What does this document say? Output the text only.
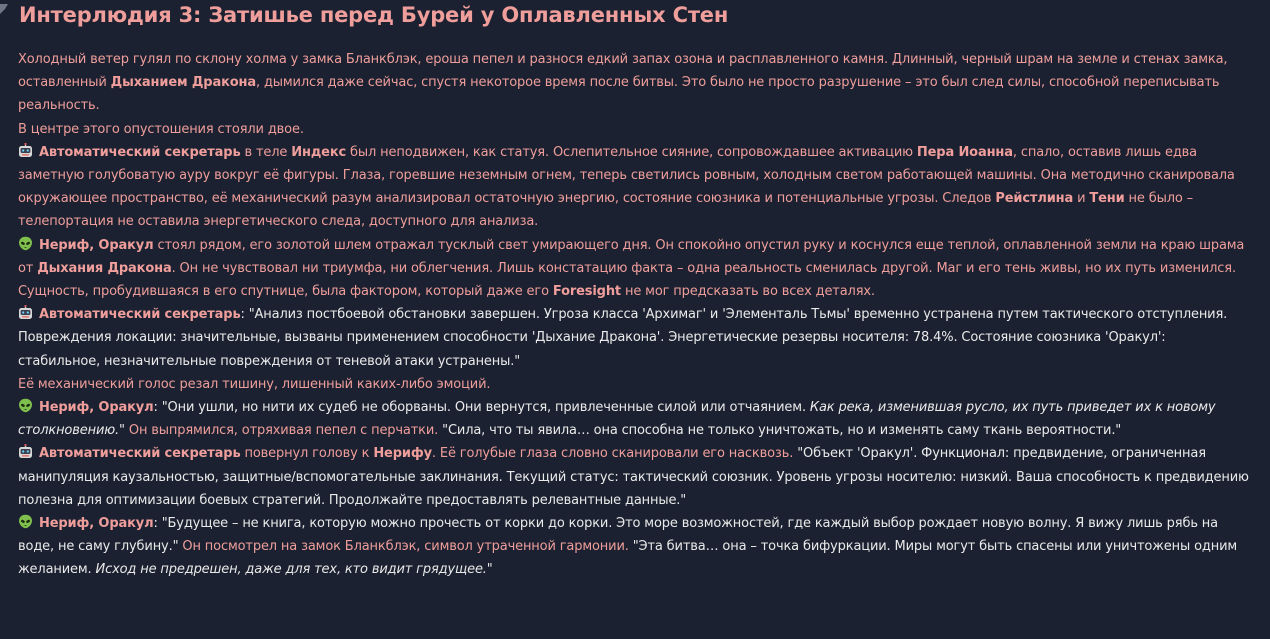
Интерлюдия 3: Затишье перед Бурей у Оплавленных Стен

Холодный ветер гулял по склону холма у замка Бланкблэк, ероша пепел и разнося едкий запах озона и расплавленного камня. Длинный, черный шрам на земле и стенах замка, оставленный Дыханием Дракона, дымился даже сейчас, спустя некоторое время после битвы. Это было не просто разрушение – это был след силы, способной переписывать реальность.

В центре этого опустошения стояли двое.

Автоматический секретарь в теле Индекс был неподвижен, как статуя. Ослепительное сияние, сопровождавшее активацию Пера Иоанна, спало, оставив лишь едва заметную голубоватую ауру вокруг её фигуры. Глаза, горевшие неземным огнем, теперь светились ровным, холодным светом работающей машины. Она методично сканировала окружающее пространство, её механический разум анализировал остаточную энергию, состояние союзника и потенциальные угрозы. Следов Рейстлина и Тени не было – телепортация не оставила энергетического следа, доступного для анализа.

Нериф, Оракул стоял рядом, его золотой шлем отражал тусклый свет умирающего дня. Он спокойно опустил руку и коснулся еще теплой, оплавленной земли на краю шрама от Дыхания Дракона. Он не чувствовал ни триумфа, ни облегчения. Лишь констатацию факта – одна реальность сменилась другой. Маг и его тень живы, но их путь изменился. Сущность, пробудившаяся в его спутнице, была фактором, который даже его Foresight не мог предсказать во всех деталях.

Автоматический секретарь: "Анализ постбоевой обстановки завершен. Угроза класса 'Архимаг' и 'Элементаль Тьмы' временно устранена путем тактического отступления. Повреждения локации: значительные, вызваны применением способности 'Дыхание Дракона'. Энергетические резервы носителя: 78.4%. Состояние союзника 'Оракул': стабильное, незначительные повреждения от теневой атаки устранены."

Её механический голос резал тишину, лишенный каких-либо эмоций.

Нериф, Оракул: "Они ушли, но нити их судеб не оборваны. Они вернутся, привлеченные силой или отчаянием. Как река, изменившая русло, их путь приведет их к новому столкновению." Он выпрямился, отряхивая пепел с перчатки. "Сила, что ты явила… она способна не только уничтожать, но и изменять саму ткань вероятности."

Автоматический секретарь повернул голову к Нерифу. Её голубые глаза словно сканировали его насквозь. "Объект 'Оракул'. Функционал: предвидение, ограниченная манипуляция каузальностью, защитные/вспомогательные заклинания. Текущий статус: тактический союзник. Уровень угрозы носителю: низкий. Ваша способность к предвидению полезна для оптимизации боевых стратегий. Продолжайте предоставлять релевантные данные."

Нериф, Оракул: "Будущее – не книга, которую можно прочесть от корки до корки. Это море возможностей, где каждый выбор рождает новую волну. Я вижу лишь рябь на воде, не саму глубину." Он посмотрел на замок Бланкблэк, символ утраченной гармонии. "Эта битва… она – точка бифуркации. Миры могут быть спасены или уничтожены одним желанием. Исход не предрешен, даже для тех, кто видит грядущее."
